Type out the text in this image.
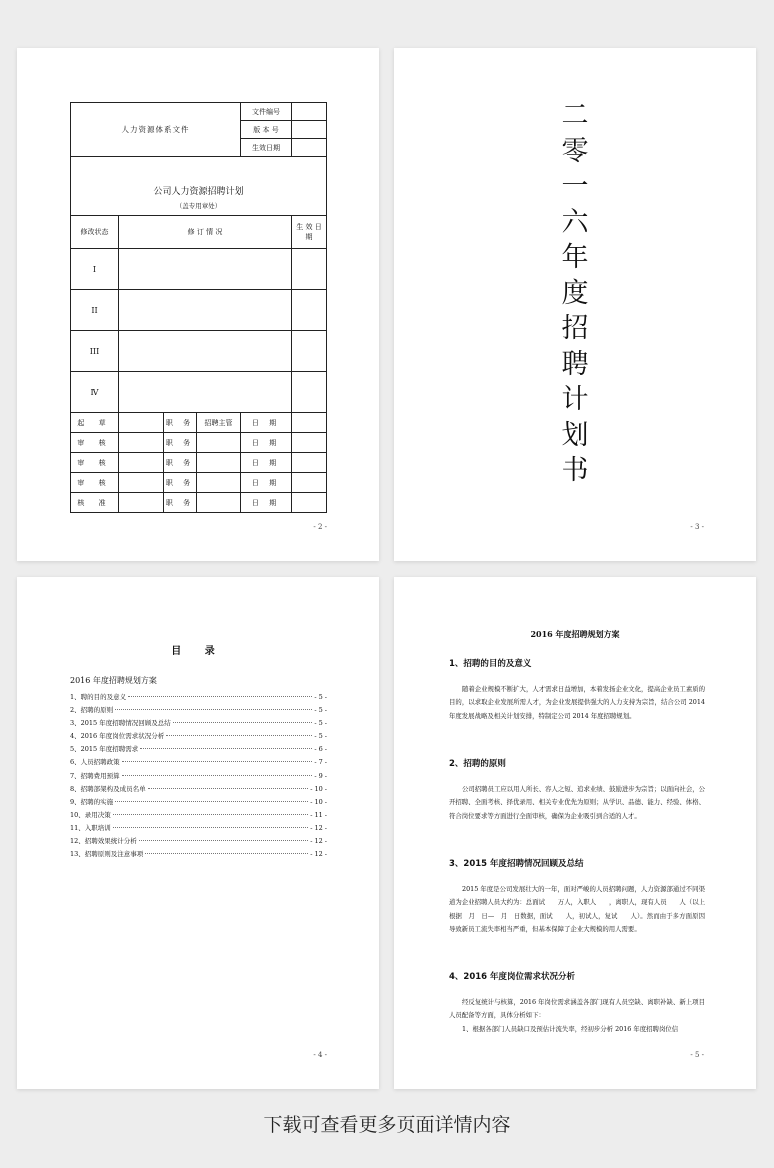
人力资源体系文件				文件编号	
				版 本 号	
				生效日期	
公司人力资源招聘计划					
（盖专用章处）					
修改状态	修 订 情 况				生 效 日 期
I					
II					
III					
Ⅳ					
起 草		职 务	招聘主管	日 期	
审 核		职 务		日 期	
审 核		职 务		日 期	
审 核		职 务		日 期	
核 准		职 务		日 期	
- 2 -
二
零
一
六
年
度
招
聘
计
划
书
- 3 -
目 录
2016 年度招聘规划方案
1、聘的目的及意义	- 5 -
2、招聘的原则	- 5 -
3、2015 年度招聘情况回顾及总结	- 5 -
4、2016 年度岗位需求状况分析	- 5 -
5、2015 年度招聘需求	- 6 -
6、人员招聘政策	- 7 -
7、招聘费用预算	- 9 -
8、招聘部架构及成员名单	- 10 -
9、招聘的实施	- 10 -
10、录用决策	- 11 -
11、入职培训	- 12 -
12、招聘效果统计分析	- 12 -
13、招聘原则及注意事项	- 12 -
- 4 -
2016 年度招聘规划方案
1、招聘的目的及意义

随着企业规模不断扩大，人才需求日益增加，本着发扬企业文化，提高企业员工素质的目的，以求取企业发展所需人才，为企业发展提供强大的人力支持为宗旨，结合公司 2014 年度发展战略及相关计划安排，特制定公司 2014 年度招聘规划。

2、招聘的原则

公司招聘员工应以用人所长、容人之短、追求业绩、鼓励进步为宗旨；以面向社会，公开招聘、全面考核、择优录用、相关专业优先为原则；从学识、品德、能力、经验、体格、符合岗位要求等方面进行全面审核，确保为企业吸引到合适的人才。

3、2015 年度招聘情况回顾及总结

2015 年度是公司发展壮大的一年，面对严峻的人员招聘问题，人力资源部通过不同渠道为企业招聘人员大约为：总面试　　万人，入职人　　，离职人，现有人员　　人（以上根据　月　日—　月　日数据，面试　　人，初试人，复试　　人）。然而由于多方面原因导致新员工流失率相当严重，但基本保障了企业大规模的用人需要。

4、2016 年度岗位需求状况分析

经反复统计与核算，2016 年岗位需求涵盖各部门现有人员空缺、离职补缺、新上项目人员配备等方面，具体分析如下：

1、根据各部门人员缺口及预估计流失率，经初步分析 2016 年度招聘岗位信

- 5 -
下载可查看更多页面详情内容
